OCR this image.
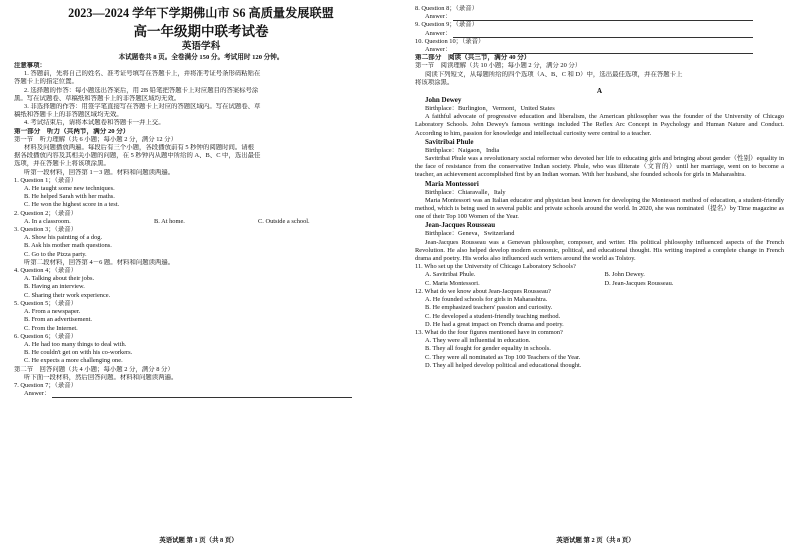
2023—2024 学年下学期佛山市 S6 高质量发展联盟
高一年级期中联考试卷
英语学科
本试题卷共 8 页。全卷满分 150 分。考试用时 120 分钟。
注意事项：
1. 答题前，先将自己的姓名、准考证号填写在答题卡上，并将准考证号条形码粘贴在
答题卡上的指定位置。
2. 选择题的作答：每小题选出答案后，用 2B 铅笔把答题卡上对应题目的答案标号涂
黑。写在试题卷、草稿纸和答题卡上的非答题区域均无效。
3. 非选择题的作答：用签字笔直接写在答题卡上对应的答题区域内。写在试题卷、草
稿纸和答题卡上的非答题区域均无效。
4. 考试结束后，请将本试题卷和答题卡一并上交。
第一部分　听力（共两节，满分 20 分）
第一节　听力理解（共 6 小题；每小题 2 分，满分 12 分）
材料及问题播放两遍。每段后有三个小题，各段播放前有 5 秒钟的阅题时间。请根
据各段播放内容及其相关小题的问题，在 5 秒钟内从题中所给的 A、B、C 中，选出最佳
选项，并在答题卡上将该项涂黑。
听第一段材料，回答第 1－3 题。材料和问题读两遍。
1. Question 1；（录音）
A. He taught some new techniques.
B. He helped Sarah with her maths.
C. He won the highest score in a test.
2. Question 2；（录音）
A. In a classroom.	B. At home.	C. Outside a school.
3. Question 3；（录音）
A. Show his painting of a dog.
B. Ask his mother math questions.
C. Go to the Pizza party.
听第二段材料，回答第 4－6 题。材料和问题读两遍。
4. Question 4；（录音）
A. Talking about their jobs.
B. Having an interview.
C. Sharing their work experience.
5. Question 5；（录音）
A. From a newspaper.
B. From an advertisement.
C. From the Internet.
6. Question 6；（录音）
A. He had too many things to deal with.
B. He couldn't get on with his co-workers.
C. He expects a more challenging one.
第二节　回答问题（共 4 小题；每小题 2 分，满分 8 分）
听下面一段材料，然后回答问题。材料和问题读两遍。
7. Question 7；（录音）
Answer：
英语试题 第 1 页（共 8 页）
8. Question 8；（录音）
Answer：
9. Question 9；（录音）
Answer：
10. Question 10；（录音）
Answer：
第二部分　阅读（共三节，满分 40 分）
第一节　阅读理解（共 10 小题；每小题 2 分，满分 20 分）
阅读下列短文，从每题所给的四个选项（A、B、C 和 D）中，选出最佳选项，并在答题卡上
将该项涂黑。
A
John Dewey
Birthplace：Burlington，Vermont，United States
A faithful advocate of progressive education and liberalism, the American philosopher was the founder of the University of Chicago Laboratory Schools. John Dewey's famous writings included The Reflex Arc Concept in Psychology and Human Nature and Conduct. According to him, passion for knowledge and intellectual curiosity were central to a teacher.
Savitribai Phule
Birthplace：Naigaon，India
Savitribai Phule was a revolutionary social reformer who devoted her life to educating girls and bringing about gender（性别）equality in the face of resistance from the conservative Indian society. Phule, who was illiterate（文盲的）until her marriage, went on to become a teacher, an achievement accomplished first by an Indian woman. With her husband, she founded schools for girls in Maharashtra.
Maria Montessori
Birthplace：Chiaravalle，Italy
Maria Montessori was an Italian educator and physician best known for developing the Montessori method of education, a student-friendly method, which is being used in several public and private schools around the world. In 2020, she was nominated（提名）by Time magazine as one of their Top 100 Women of the Year.
Jean-Jacques Rousseau
Birthplace：Geneva，Switzerland
Jean-Jacques Rousseau was a Genevan philosopher, composer, and writer. His political philosophy influenced aspects of the French Revolution. He also helped develop modern economic, political, and educational thought. His writing inspired a complete change in French drama and poetry. His works also influenced such writers around the world as Tolstoy.
11. Who set up the University of Chicago Laboratory Schools?
A. Savitribai Phule.	B. John Dewey.
C. Maria Montessori.	D. Jean-Jacques Rousseau.
12. What do we know about Jean-Jacques Rousseau?
A. He founded schools for girls in Maharashtra.
B. He emphasized teachers' passion and curiosity.
C. He developed a student-friendly teaching method.
D. He had a great impact on French drama and poetry.
13. What do the four figures mentioned have in common?
A. They were all influential in education.
B. They all fought for gender equality in schools.
C. They were all nominated as Top 100 Teachers of the Year.
D. They all helped develop political and educational thought.
英语试题 第 2 页（共 8 页）
